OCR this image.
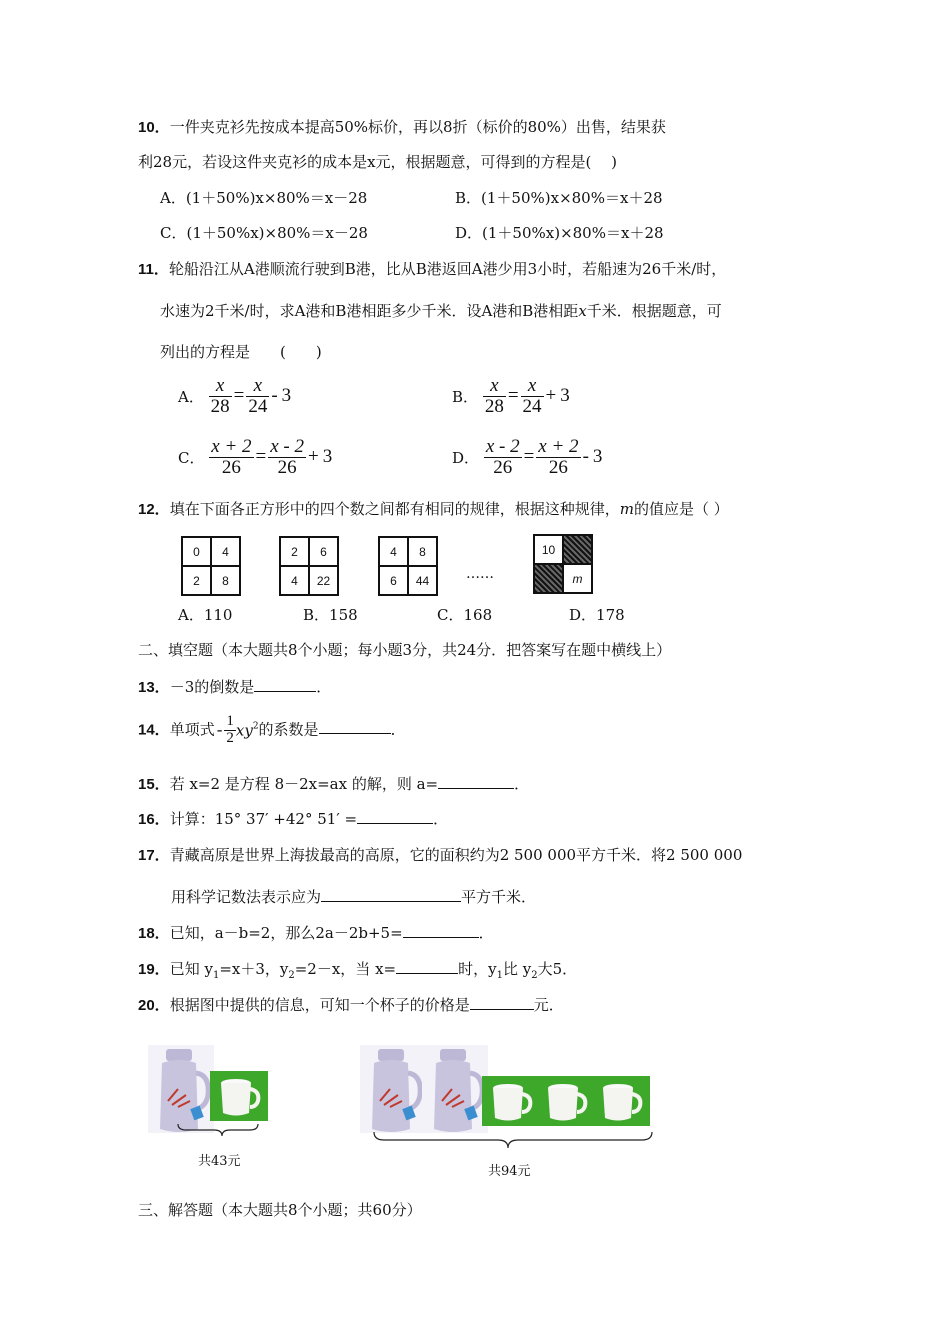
10．一件夹克衫先按成本提高50%标价，再以8折（标价的80%）出售，结果获
利28元，若设这件夹克衫的成本是x元，根据题意，可得到的方程是(　 )
A．(1＋50%)x×80%＝x－28	B．(1＋50%)x×80%＝x＋28
C．(1＋50%x)×80%＝x－28	D．(1＋50%x)×80%＝x＋28
11．轮船沿江从A港顺流行驶到B港，比从B港返回A港少用3小时，若船速为26千米/时，
水速为2千米/时，求A港和B港相距多少千米．设A港和B港相距x千米．根据题意，可
列出的方程是　　(　　)
A． $\frac{x}{28} = \frac{x}{24} - 3$	B． $\frac{x}{28} = \frac{x}{24} + 3$
C． $\frac{x + 2}{26} = \frac{x - 2}{26} + 3$	D． $\frac{x - 2}{26} = \frac{x + 2}{26} - 3$
12．填在下面各正方形中的四个数之间都有相同的规律，根据这种规律，m的值应是（ ）
0	4
2	8
2	6
4	22
4	8
6	44	……
10
m
A．110	B．158	C．168	D．178
二、填空题（本大题共8个小题；每小题3分，共24分．把答案写在题中横线上）
13．－3的倒数是	．
14．单项式 - $\frac{1}{2} xy^2$的系数是	．
15．若 x=2 是方程 8－2x=ax 的解，则 a=	．
16．计算：15° 37′ +42° 51′ =	．
17．青藏高原是世界上海拔最高的高原，它的面积约为2 500 000平方千米．将2 500 000
用科学记数法表示应为	平方千米．
18．已知，a－b=2，那么2a－2b+5=	．
19．已知 $y_1=x+3$，$y_2=2-x$，当 x=	时，$y_1$比 $y_2$大5．
20．根据图中提供的信息，可知一个杯子的价格是	元．
共43元
共94元
三、解答题（本大题共8个小题；共60分）
